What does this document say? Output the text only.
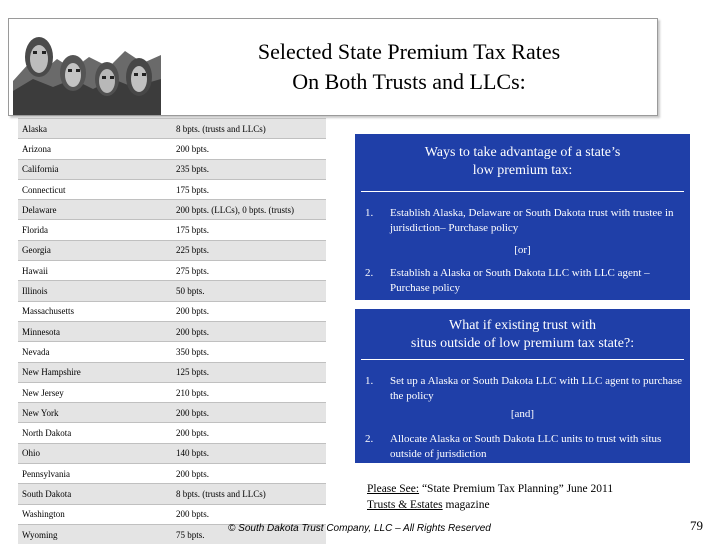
Selected State Premium Tax Rates
On Both Trusts and LLCs:
Alaska	8 bpts. (trusts and LLCs)
Arizona	200 bpts.
California	235 bpts.
Connecticut	175 bpts.
Delaware	200 bpts. (LLCs), 0 bpts. (trusts)
Florida	175 bpts.
Georgia	225 bpts.
Hawaii	275 bpts.
Illinois	50 bpts.
Massachusetts	200 bpts.
Minnesota	200 bpts.
Nevada	350 bpts.
New Hampshire	125 bpts.
New Jersey	210 bpts.
New York	200 bpts.
North Dakota	200 bpts.
Ohio	140 bpts.
Pennsylvania	200 bpts.
South Dakota	8 bpts. (trusts and LLCs)
Washington	200 bpts.
Wyoming	75 bpts.
Ways to take advantage of a state’s
low premium tax:
1. Establish Alaska, Delaware or South Dakota trust with trustee in jurisdiction– Purchase policy
[or]
2. Establish a Alaska or South Dakota LLC with LLC agent – Purchase policy
What if existing trust with
situs outside of low premium tax state?:
1. Set up a Alaska or South Dakota LLC with LLC agent to purchase the policy
[and]
2. Allocate Alaska or South Dakota LLC units to trust with situs outside of jurisdiction
Please See: “State Premium Tax Planning” June 2011
Trusts & Estates magazine
© South Dakota Trust Company, LLC – All Rights Reserved	79
